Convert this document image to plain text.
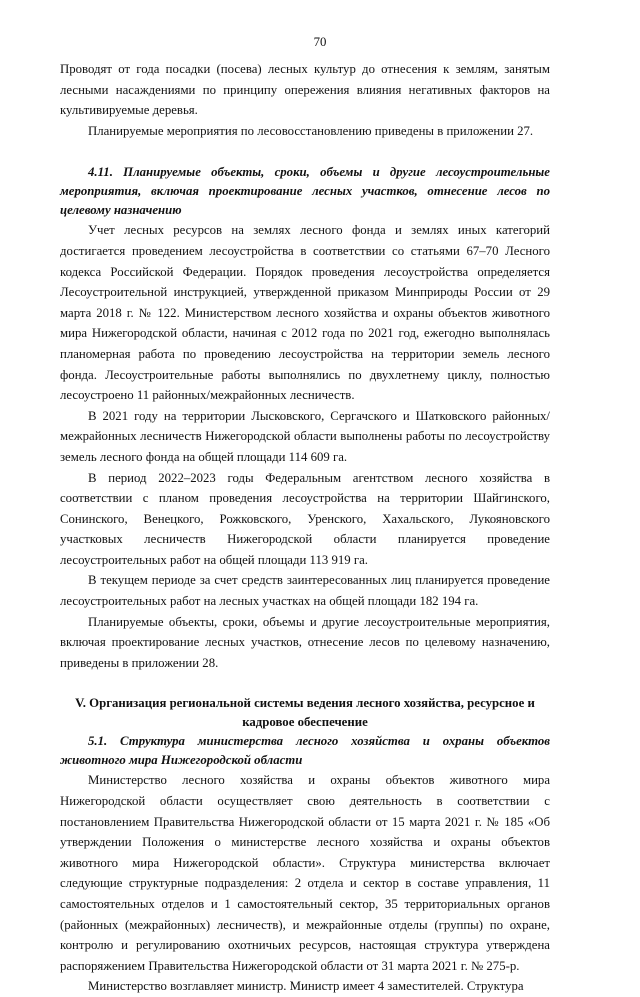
70

Проводят от года посадки (посева) лесных культур до отнесения к землям, занятым лесными насаждениями по принципу опережения влияния негативных факторов на культивируемые деревья.

Планируемые мероприятия по лесовосстановлению приведены в приложении 27.

4.11. Планируемые объекты, сроки, объемы и другие лесоустроительные мероприятия, включая проектирование лесных участков, отнесение лесов по целевому назначению

Учет лесных ресурсов на землях лесного фонда и землях иных категорий достигается проведением лесоустройства в соответствии со статьями 67–70 Лесного кодекса Российской Федерации. Порядок проведения лесоустройства определяется Лесоустроительной инструкцией, утвержденной приказом Минприроды России от 29 марта 2018 г. № 122. Министерством лесного хозяйства и охраны объектов животного мира Нижегородской области, начиная с 2012 года по 2021 год, ежегодно выполнялась планомерная работа по проведению лесоустройства на территории земель лесного фонда. Лесоустроительные работы выполнялись по двухлетнему циклу, полностью лесоустроено 11 районных/межрайонных лесничеств.

В 2021 году на территории Лысковского, Сергачского и Шатковского районных/межрайонных лесничеств Нижегородской области выполнены работы по лесоустройству земель лесного фонда на общей площади 114 609 га.

В период 2022–2023 годы Федеральным агентством лесного хозяйства в соответствии с планом проведения лесоустройства на территории Шайгинского, Сонинского, Венецкого, Рожковского, Уренского, Хахальского, Лукояновского участковых лесничеств Нижегородской области планируется проведение лесоустроительных работ на общей площади 113 919 га.

В текущем периоде за счет средств заинтересованных лиц планируется проведение лесоустроительных работ на лесных участках на общей площади 182 194 га.

Планируемые объекты, сроки, объемы и другие лесоустроительные мероприятия, включая проектирование лесных участков, отнесение лесов по целевому назначению, приведены в приложении 28.

V. Организация региональной системы ведения лесного хозяйства, ресурсное и кадровое обеспечение

5.1. Структура министерства лесного хозяйства и охраны объектов животного мира Нижегородской области

Министерство лесного хозяйства и охраны объектов животного мира Нижегородской области осуществляет свою деятельность в соответствии с постановлением Правительства Нижегородской области от 15 марта 2021 г. № 185 «Об утверждении Положения о министерстве лесного хозяйства и охраны объектов животного мира Нижегородской области». Структура министерства включает следующие структурные подразделения: 2 отдела и сектор в составе управления, 11 самостоятельных отделов и 1 самостоятельный сектор, 35 территориальных органов (районных (межрайонных) лесничеств), и межрайонные отделы (группы) по охране, контролю и регулированию охотничьих ресурсов, настоящая структура утверждена распоряжением Правительства Нижегородской области от 31 марта 2021 г. № 275-р.

Министерство возглавляет министр. Министр имеет 4 заместителей. Структура
